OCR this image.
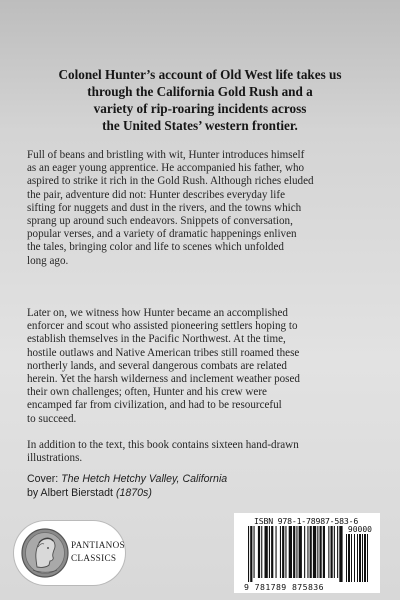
Colonel Hunter’s account of Old West life takes us
through the California Gold Rush and a
variety of rip-roaring incidents across
the United States’ western frontier.
Full of beans and bristling with wit, Hunter introduces himself
as an eager young apprentice. He accompanied his father, who
aspired to strike it rich in the Gold Rush. Although riches eluded
the pair, adventure did not: Hunter describes everyday life
sifting for nuggets and dust in the rivers, and the towns which
sprang up around such endeavors. Snippets of conversation,
popular verses, and a variety of dramatic happenings enliven
the tales, bringing color and life to scenes which unfolded
long ago.
Later on, we witness how Hunter became an accomplished
enforcer and scout who assisted pioneering settlers hoping to
establish themselves in the Pacific Northwest. At the time,
hostile outlaws and Native American tribes still roamed these
northerly lands, and several dangerous combats are related
herein. Yet the harsh wilderness and inclement weather posed
their own challenges; often, Hunter and his crew were
encamped far from civilization, and had to be resourceful
to succeed.
In addition to the text, this book contains sixteen hand-drawn
illustrations.
Cover: The Hetch Hetchy Valley, California
by Albert Bierstadt (1870s)
PANTIANOS
CLASSICS
ISBN 978-1-78987-583-6
90000
9 781789 875836
